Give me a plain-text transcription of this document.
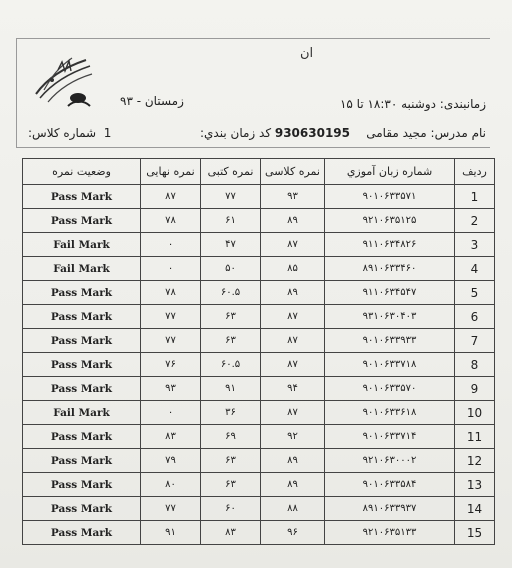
ان
زمانبندی: دوشنبه ۱۸:۳۰ تا ۱۵
زمستان - ۹۳
نام مدرس: مجید مقامی
930630195 کد زمان بندي:
1  شماره کلاس:
وضعیت نمره	نمره نهایی	نمره کتبی	نمره کلاسی	شماره زبان آموزي	رديف
Pass Mark	۸۷	۷۷	۹۳	۹۰۱۰۶۳۳۵۷۱	1
Pass Mark	۷۸	۶۱	۸۹	۹۲۱۰۶۳۵۱۲۵	2
Fail Mark	۰	۴۷	۸۷	۹۱۱۰۶۳۴۸۲۶	3
Fail Mark	۰	۵۰	۸۵	۸۹۱۰۶۳۳۴۶۰	4
Pass Mark	۷۸	۶۰.۵	۸۹	۹۱۱۰۶۳۴۵۴۷	5
Pass Mark	۷۷	۶۳	۸۷	۹۳۱۰۶۳۰۴۰۳	6
Pass Mark	۷۷	۶۳	۸۷	۹۰۱۰۶۳۳۹۳۳	7
Pass Mark	۷۶	۶۰.۵	۸۷	۹۰۱۰۶۳۳۷۱۸	8
Pass Mark	۹۳	۹۱	۹۴	۹۰۱۰۶۳۳۵۷۰	9
Fail Mark	۰	۳۶	۸۷	۹۰۱۰۶۳۳۶۱۸	10
Pass Mark	۸۳	۶۹	۹۲	۹۰۱۰۶۳۳۷۱۴	11
Pass Mark	۷۹	۶۳	۸۹	۹۲۱۰۶۳۰۰۰۲	12
Pass Mark	۸۰	۶۳	۸۹	۹۰۱۰۶۳۳۵۸۴	13
Pass Mark	۷۷	۶۰	۸۸	۸۹۱۰۶۳۳۹۳۷	14
Pass Mark	۹۱	۸۳	۹۶	۹۲۱۰۶۳۵۱۳۳	15
